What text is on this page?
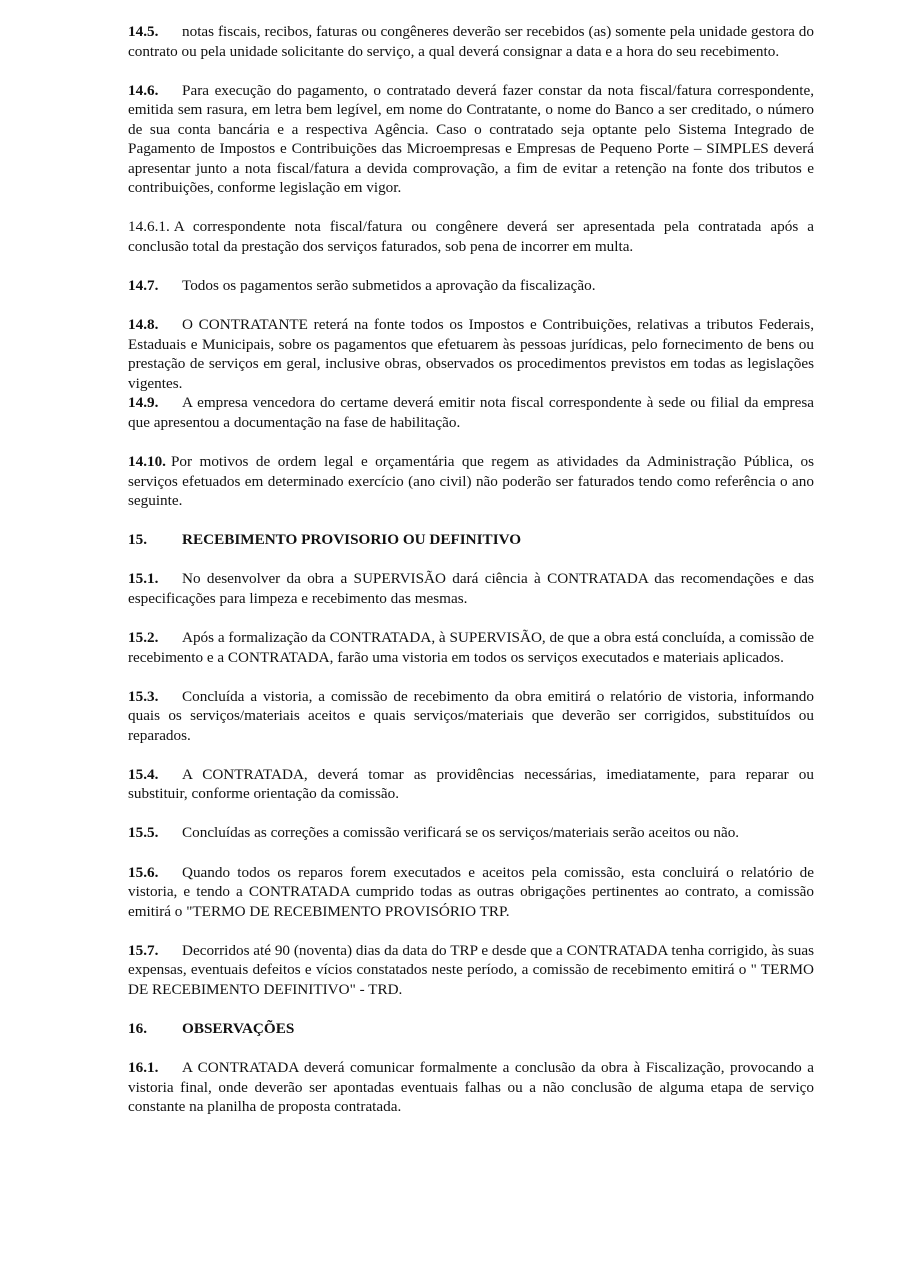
14.5. notas fiscais, recibos, faturas ou congêneres deverão ser recebidos (as) somente pela unidade gestora do contrato ou pela unidade solicitante do serviço, a qual deverá consignar a data e a hora do seu recebimento.

14.6. Para execução do pagamento, o contratado deverá fazer constar da nota fiscal/fatura correspondente, emitida sem rasura, em letra bem legível, em nome do Contratante, o nome do Banco a ser creditado, o número de sua conta bancária e a respectiva Agência. Caso o contratado seja optante pelo Sistema Integrado de Pagamento de Impostos e Contribuições das Microempresas e Empresas de Pequeno Porte – SIMPLES deverá apresentar junto a nota fiscal/fatura a devida comprovação, a fim de evitar a retenção na fonte dos tributos e contribuições, conforme legislação em vigor.

14.6.1. A correspondente nota fiscal/fatura ou congênere deverá ser apresentada pela contratada após a conclusão total da prestação dos serviços faturados, sob pena de incorrer em multa.

14.7. Todos os pagamentos serão submetidos a aprovação da fiscalização.

14.8. O CONTRATANTE reterá na fonte todos os Impostos e Contribuições, relativas a tributos Federais, Estaduais e Municipais, sobre os pagamentos que efetuarem às pessoas jurídicas, pelo fornecimento de bens ou prestação de serviços em geral, inclusive obras, observados os procedimentos previstos em todas as legislações vigentes.

14.9. A empresa vencedora do certame deverá emitir nota fiscal correspondente à sede ou filial da empresa que apresentou a documentação na fase de habilitação.

14.10. Por motivos de ordem legal e orçamentária que regem as atividades da Administração Pública, os serviços efetuados em determinado exercício (ano civil) não poderão ser faturados tendo como referência o ano seguinte.

15. RECEBIMENTO PROVISORIO OU DEFINITIVO

15.1. No desenvolver da obra a SUPERVISÃO dará ciência à CONTRATADA das recomendações e das especificações para limpeza e recebimento das mesmas.

15.2. Após a formalização da CONTRATADA, à SUPERVISÃO, de que a obra está concluída, a comissão de recebimento e a CONTRATADA, farão uma vistoria em todos os serviços executados e materiais aplicados.

15.3. Concluída a vistoria, a comissão de recebimento da obra emitirá o relatório de vistoria, informando quais os serviços/materiais aceitos e quais serviços/materiais que deverão ser corrigidos, substituídos ou reparados.

15.4. A CONTRATADA, deverá tomar as providências necessárias, imediatamente, para reparar ou substituir, conforme orientação da comissão.

15.5. Concluídas as correções a comissão verificará se os serviços/materiais serão aceitos ou não.

15.6. Quando todos os reparos forem executados e aceitos pela comissão, esta concluirá o relatório de vistoria, e tendo a CONTRATADA cumprido todas as outras obrigações pertinentes ao contrato, a comissão emitirá o "TERMO DE RECEBIMENTO PROVISÓRIO TRP.

15.7. Decorridos até 90 (noventa) dias da data do TRP e desde que a CONTRATADA tenha corrigido, às suas expensas, eventuais defeitos e vícios constatados neste período, a comissão de recebimento emitirá o " TERMO DE RECEBIMENTO DEFINITIVO" - TRD.

16. OBSERVAÇÕES

16.1. A CONTRATADA deverá comunicar formalmente a conclusão da obra à Fiscalização, provocando a vistoria final, onde deverão ser apontadas eventuais falhas ou a não conclusão de alguma etapa de serviço constante na planilha de proposta contratada.
